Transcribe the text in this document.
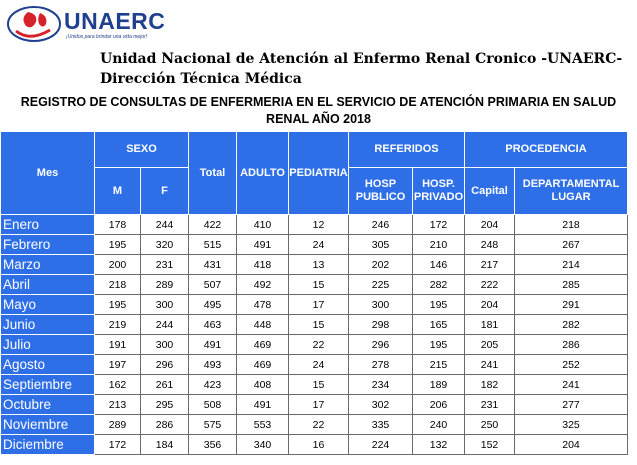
UNAERC
¡Unidos para brindar una vida mejor!
Unidad Nacional de Atención al Enfermo Renal Cronico -UNAERC-
Dirección Técnica Médica
REGISTRO DE CONSULTAS DE ENFERMERIA EN EL SERVICIO DE ATENCIÓN PRIMARIA EN SALUD
RENAL AÑO 2018
Mes	SEXO		Total	ADULTO	PEDIATRIA	REFERIDOS		PROCEDENCIA	
	M	F				HOSP PUBLICO	HOSP. PRIVADO	Capital	DEPARTAMENTAL LUGAR
Enero	178	244	422	410	12	246	172	204	218
Febrero	195	320	515	491	24	305	210	248	267
Marzo	200	231	431	418	13	202	146	217	214
Abril	218	289	507	492	15	225	282	222	285
Mayo	195	300	495	478	17	300	195	204	291
Junio	219	244	463	448	15	298	165	181	282
Julio	191	300	491	469	22	296	195	205	286
Agosto	197	296	493	469	24	278	215	241	252
Septiembre	162	261	423	408	15	234	189	182	241
Octubre	213	295	508	491	17	302	206	231	277
Noviembre	289	286	575	553	22	335	240	250	325
Diciembre	172	184	356	340	16	224	132	152	204
